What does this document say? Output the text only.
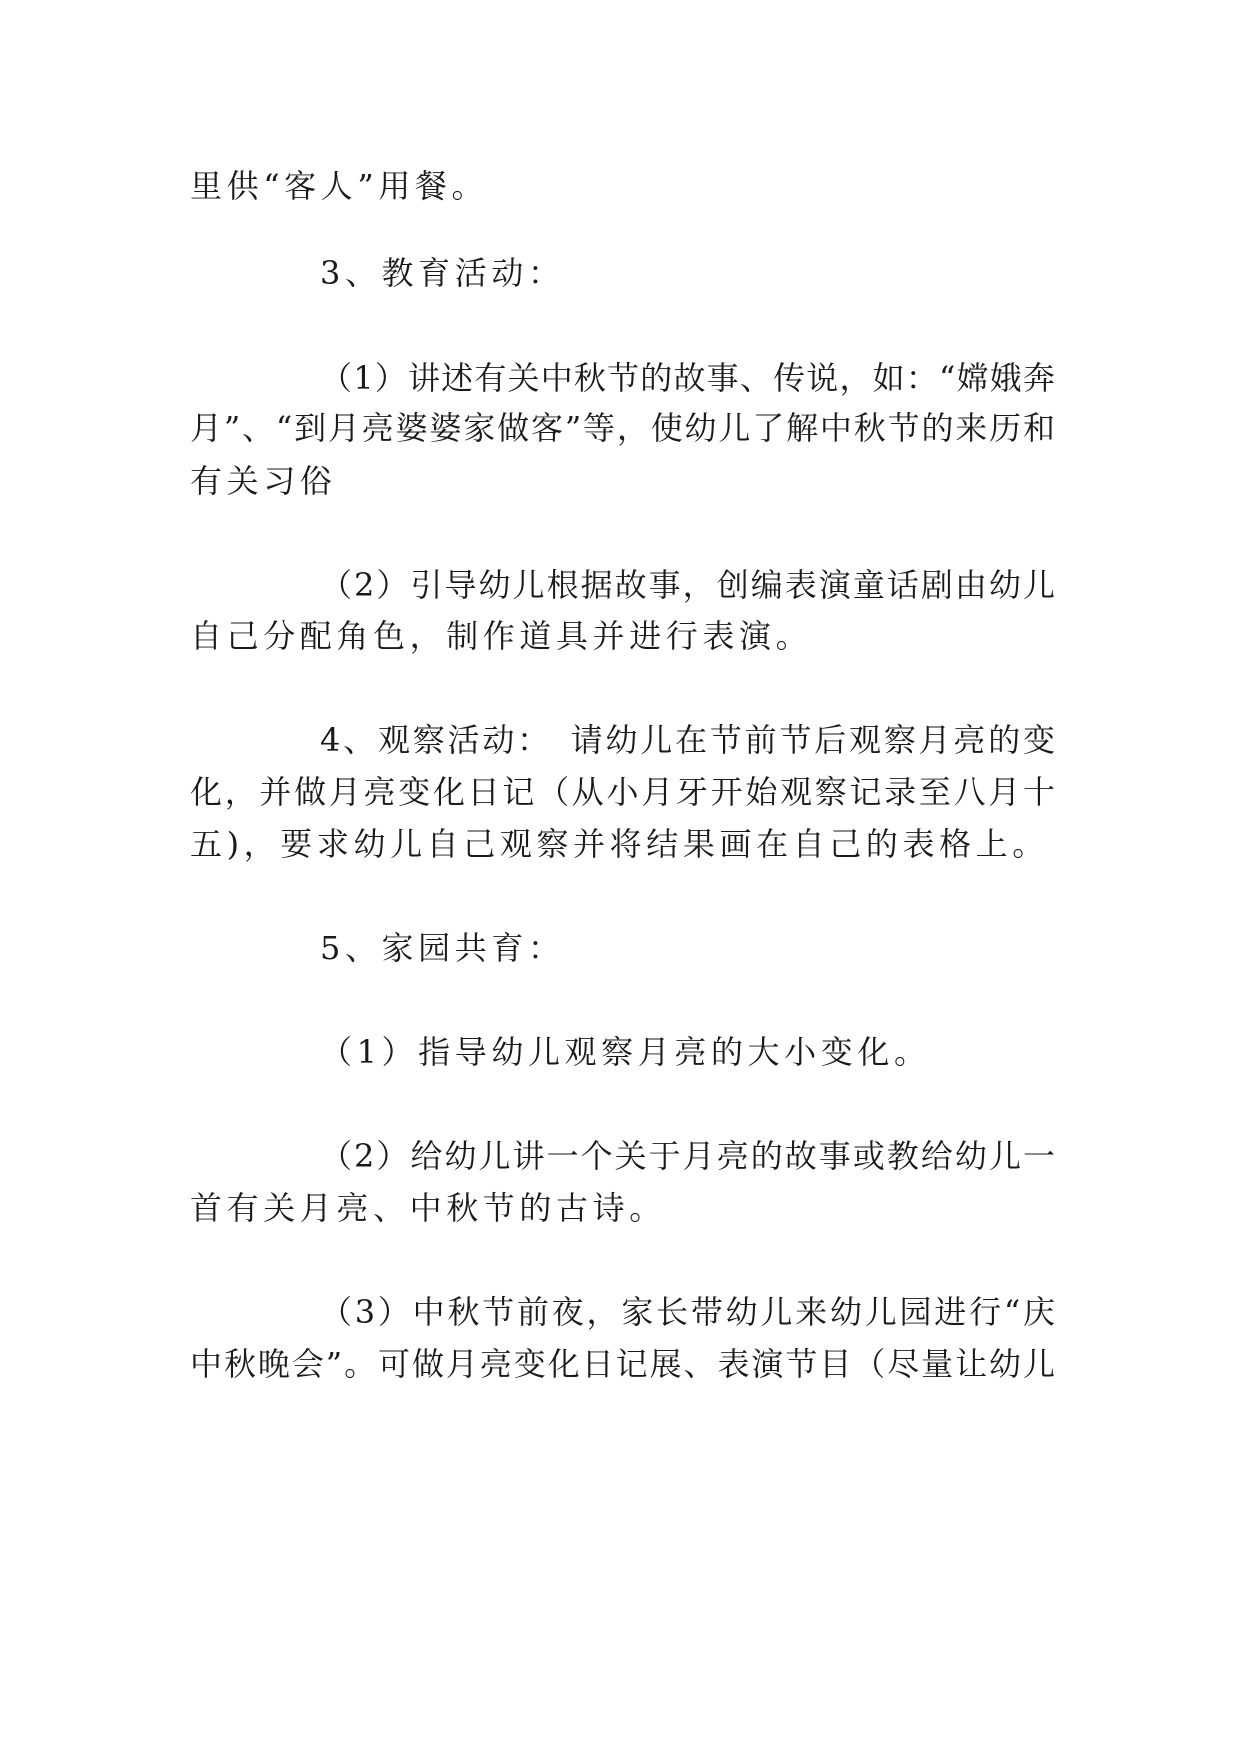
里供“客人”用餐。
3、教育活动：
（1）讲述有关中秋节的故事、传说，如：“嫦娥奔
月”、“到月亮婆婆家做客”等，使幼儿了解中秋节的来历和
有关习俗
（2）引导幼儿根据故事，创编表演童话剧由幼儿
自己分配角色，制作道具并进行表演。
4、观察活动：　请幼儿在节前节后观察月亮的变
化，并做月亮变化日记（从小月牙开始观察记录至八月十
五)，要求幼儿自己观察并将结果画在自己的表格上。
5、家园共育：
（1）指导幼儿观察月亮的大小变化。
（2）给幼儿讲一个关于月亮的故事或教给幼儿一
首有关月亮、中秋节的古诗。
（3）中秋节前夜，家长带幼儿来幼儿园进行“庆
中秋晚会”。可做月亮变化日记展、表演节目（尽量让幼儿
